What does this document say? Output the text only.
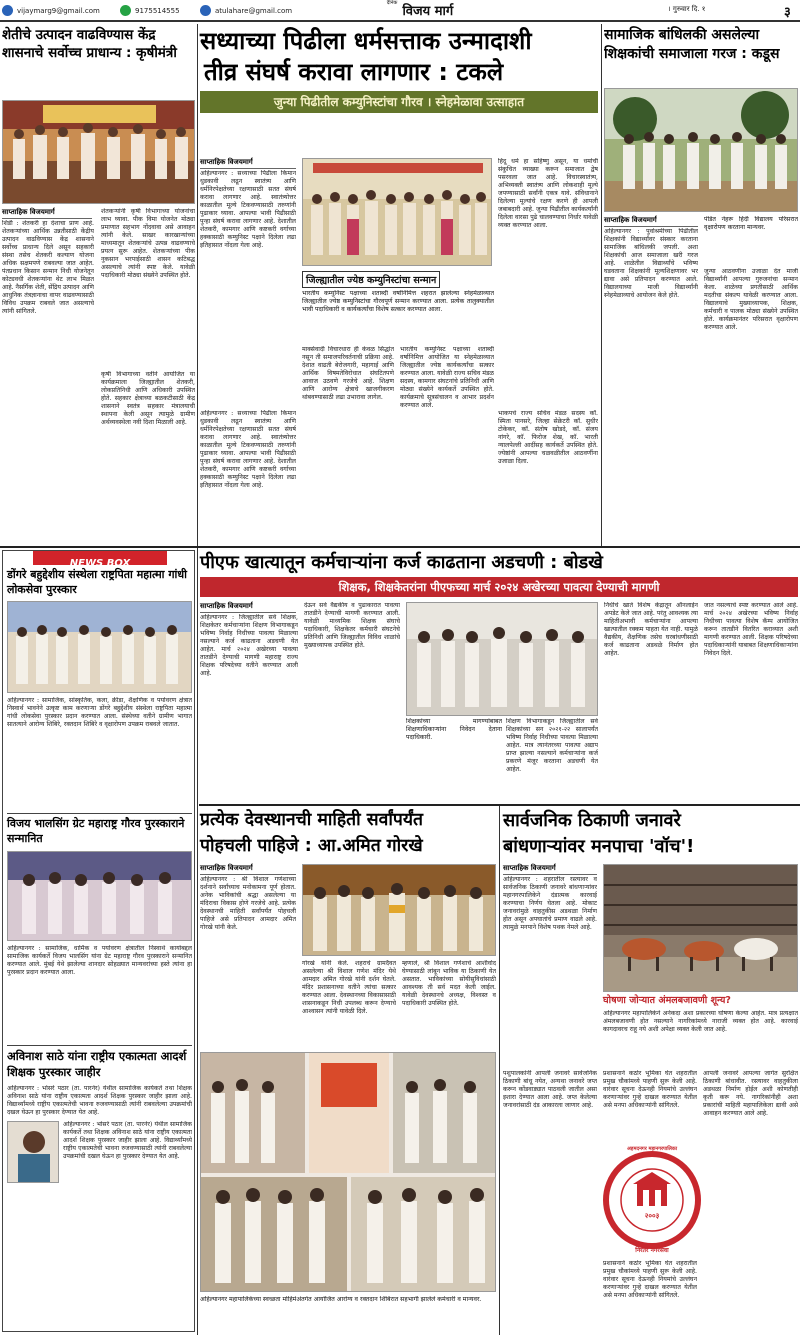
vijaymarg9@gmail.com	9175514555	atulahare@gmail.com
$^{दैनिक}$ विजय मार्ग	। गुरुवार दि. १	३
शेतीचे उत्पादन वाढविण्यास केंद्र शासनाचे सर्वोच्च प्राधान्य : कृषीमंत्री
साप्ताहिक विजयमार्ग
शिर्डी : शेतकरी हा देशाचा प्राण आहे. शेतकऱ्यांच्या आर्थिक उन्नतीसाठी केंद्रीय उत्पादन वाढविण्यास केंद्र शासनाने सर्वोच्च प्राधान्य दिले असून सहकारी संस्था तसेच शेतकरी कल्याण योजना अधिक सक्षमपणे राबवल्या जात आहेत. पंतप्रधान किसान सन्मान निधी योजनेतून कोट्यवधी शेतकऱ्यांना थेट लाभ मिळत आहे. नैसर्गिक शेती, सेंद्रिय उत्पादन आणि आधुनिक तंत्रज्ञानाचा वापर वाढवण्यासाठी विविध उपक्रम राबवले जात असल्याचे त्यांनी सांगितले.
शेतकऱ्यांनी कृषी विभागाच्या योजनांचा लाभ घ्यावा. पीक विमा योजनेत मोठ्या प्रमाणात सहभाग नोंदवावा असे आवाहन त्यांनी केले. साखर कारखान्यांच्या माध्यमातून शेतकऱ्यांचे उत्पन्न वाढवण्याचे प्रयत्न सुरू आहेत. शेतकऱ्यांच्या पीक नुकसान भरपाईसाठी शासन कटिबद्ध असल्याचे त्यांनी स्पष्ट केले. यावेळी पदाधिकारी मोठ्या संख्येने उपस्थित होते.
कृषी विभागाच्या वतीने आयोजित या कार्यक्रमाला जिल्ह्यातील शेतकरी, लोकप्रतिनिधी आणि अधिकारी उपस्थित होते. सहकार क्षेत्राच्या बळकटीसाठी केंद्र शासनाने स्वतंत्र सहकार मंत्रालयाची स्थापना केली असून त्यामुळे ग्रामीण अर्थव्यवस्थेला नवी दिशा मिळाली आहे.
सध्याच्या पिढीला धर्मसत्ताक उन्मादाशी
तीव्र संघर्ष करावा लागणार : टकले
जुन्या पिढीतील कम्युनिस्टांचा गौरव । स्नेहमेळावा उत्साहात
साप्ताहिक विजयमार्ग
अहिल्यानगर : सध्याच्या पिढीला किमान धुडकावी लढून स्वातंत्र्य आणि धर्मनिरपेक्षतेच्या रक्षणासाठी सतत संघर्ष करावा लागणार आहे. स्वातंत्र्योत्तर काळातील मूल्ये टिकवण्यासाठी तरुणांनी पुढाकार घ्यावा. आपल्या भावी पिढीसाठी पुन्हा संघर्ष करावा लागणार आहे. देशातील शेतकरी, कामगार आणि कष्टकरी वर्गाच्या हक्कासाठी कम्युनिस्ट पक्षाने दिलेला लढा इतिहासात नोंदला गेला आहे.
हिंदू धर्म हा सहिष्णु असून, या धर्माची संकुचित व्याख्या करून समाजात द्वेष पसरवला जात आहे. विचारस्वातंत्र्य, अभिव्यक्ती स्वातंत्र्य आणि लोकशाही मूल्ये जपण्यासाठी सर्वांनी एकत्र यावे. संविधानाने दिलेल्या मूल्यांचे रक्षण करणे ही आपली जबाबदारी आहे. जुन्या पिढीतील कार्यकर्त्यांनी दिलेला वारसा पुढे चालवण्याचा निर्धार यावेळी व्यक्त करण्यात आला.
जिल्ह्यातील ज्येष्ठ कम्युनिस्टांचा सन्मान
भारतीय कम्युनिस्ट पक्षाच्या शताब्दी वर्षानिमित्त शहरात झालेल्या स्नेहमेळाव्यात जिल्ह्यातील ज्येष्ठ कम्युनिस्टांचा गौरवपूर्ण सन्मान करण्यात आला. प्रत्येक तालुक्यातील भावी पदाधिकारी व कार्यकर्त्यांचा विशेष सत्कार करण्यात आला.
मार्क्सवादी विचारधारा ही केवळ सिद्धांत नसून ती समाजपरिवर्तनाची प्रक्रिया आहे. देशात वाढती बेरोजगारी, महागाई आणि आर्थिक विषमतेविरोधात संघटितपणे आवाज उठवणे गरजेचे आहे. शिक्षण आणि आरोग्य क्षेत्राचे खाजगीकरण थांबवण्यासाठी लढा उभारावा लागेल.
भारतीय कम्युनिस्ट पक्षाच्या शताब्दी वर्षानिमित्त आयोजित या स्नेहमेळाव्यात जिल्ह्यातील ज्येष्ठ कार्यकर्त्यांचा सत्कार करण्यात आला. यावेळी राज्य सचिव मंडळ सदस्य, कामगार संघटनांचे प्रतिनिधी आणि मोठ्या संख्येने कार्यकर्ते उपस्थित होते. कार्यक्रमाचे सूत्रसंचालन व आभार प्रदर्शन करण्यात आले.
भाकपचे राज्य सचिव मंडळ सदस्य कॉ. स्मिता पानसरे, जिल्हा सेक्रेटरी कॉ. सुधीर टोकेकर, कॉ. संतोष खोडदे, कॉ. संजय नांगरे, कॉ. फिरोज शेख, कॉ. भारती न्यालपेल्ली आदींसह कार्यकर्ते उपस्थित होते. ज्येष्ठांनी आपल्या चळवळीतील आठवणींना उजाळा दिला.
अहिल्यानगर : सध्याच्या पिढीला किमान धुडकावी लढून स्वातंत्र्य आणि धर्मनिरपेक्षतेच्या रक्षणासाठी सतत संघर्ष करावा लागणार आहे. स्वातंत्र्योत्तर काळातील मूल्ये टिकवण्यासाठी तरुणांनी पुढाकार घ्यावा. आपल्या भावी पिढीसाठी पुन्हा संघर्ष करावा लागणार आहे. देशातील शेतकरी, कामगार आणि कष्टकरी वर्गाच्या हक्कासाठी कम्युनिस्ट पक्षाने दिलेला लढा इतिहासात नोंदला गेला आहे.
सामाजिक बांधिलकी असलेल्या शिक्षकांची समाजाला गरज : कडूस
साप्ताहिक विजयमार्ग	पंडित नेहरू हिंदी विद्यालय परिसरात वृक्षारोपण करताना मान्यवर.
अहिल्यानगर : पुर्वाश्रमीच्या पिढीतील शिक्षकांनी विद्यार्थ्यांवर संस्कार करताना सामाजिक बांधिलकी जपली. अशा शिक्षकांची आज समाजाला खरी गरज आहे. शाळेतील विद्यार्थ्यांचे भविष्य घडवताना शिक्षकांनी मूल्यशिक्षणावर भर द्यावा असे प्रतिपादन करण्यात आले. विद्यालयाच्या माजी विद्यार्थ्यांनी स्नेहमेळाव्याचे आयोजन केले होते.
जुन्या आठवणींना उजाळा देत माजी विद्यार्थ्यांनी आपल्या गुरुजनांचा सन्मान केला. शाळेच्या प्रगतीसाठी आर्थिक मदतीचा संकल्प यावेळी करण्यात आला. विद्यालयाचे मुख्याध्यापक, शिक्षक, कर्मचारी व पालक मोठ्या संख्येने उपस्थित होते. कार्यक्रमानंतर परिसरात वृक्षारोपण करण्यात आले.
NEWS BOX
डोंगरे बहुद्देशीय संस्थेला राष्ट्रपिता महात्मा गांधी लोकसेवा पुरस्कार
अहिल्यानगर : सामाजिक, सांस्कृतिक, कला, क्रीडा, शैक्षणिक व पर्यावरण क्षेत्रात निस्वार्थ भावनेने उत्कृष्ट काम करणाऱ्या डोंगरे बहुद्देशीय संस्थेला राष्ट्रपिता महात्मा गांधी लोकसेवा पुरस्कार प्रदान करण्यात आला. संस्थेच्या वतीने ग्रामीण भागात सातत्याने आरोग्य शिबिरे, रक्तदान शिबिरे व वृक्षारोपण उपक्रम राबवले जातात.
विजय भालसिंग ग्रेट महाराष्ट्र गौरव पुरस्काराने सन्मानित
अहिल्यानगर : सामाजिक, धार्मिक व पर्यावरण क्षेत्रातील निस्वार्थ कार्याबद्दल सामाजिक कार्यकर्ते विजय भालसिंग यांना ग्रेट महाराष्ट्र गौरव पुरस्काराने सन्मानित करण्यात आले. मुंबई येथे झालेल्या शानदार सोहळ्यात मान्यवरांच्या हस्ते त्यांना हा पुरस्कार प्रदान करण्यात आला.
अविनाश साठे यांना राष्ट्रीय एकात्मता आदर्श शिक्षक पुरस्कार जाहीर
अहिल्यानगर : भोसरे पठार (ता. पारनेर) येथील सामाजिक कार्यकर्ते तथा शिक्षक अविनाश साठे यांना राष्ट्रीय एकात्मता आदर्श शिक्षक पुरस्कार जाहीर झाला आहे. विद्यार्थ्यांमध्ये राष्ट्रीय एकात्मतेची भावना रुजवण्यासाठी त्यांनी राबवलेल्या उपक्रमांची दखल घेऊन हा पुरस्कार देण्यात येत आहे.
अहिल्यानगर : भोसरे पठार (ता. पारनेर) येथील सामाजिक कार्यकर्ते तथा शिक्षक अविनाश साठे यांना राष्ट्रीय एकात्मता आदर्श शिक्षक पुरस्कार जाहीर झाला आहे. विद्यार्थ्यांमध्ये राष्ट्रीय एकात्मतेची भावना रुजवण्यासाठी त्यांनी राबवलेल्या उपक्रमांची दखल घेऊन हा पुरस्कार देण्यात येत आहे.
पीएफ खात्यातून कर्मचाऱ्यांना कर्ज काढताना अडचणी : बोडखे
शिक्षक, शिक्षकेतरांना पीएफच्या मार्च २०२४ अखेरच्या पावत्या देण्याची मागणी
साप्ताहिक विजयमार्ग
अहिल्यानगर : जिल्ह्यातील सर्व शिक्षक, शिक्षकेतर कर्मचाऱ्यांना शिक्षण विभागाकडून भविष्य निर्वाह निधीच्या पावत्या मिळाल्या नसल्याने कर्ज काढताना अडचणी येत आहेत. मार्च २०२४ अखेरच्या पावत्या तातडीने देण्याची मागणी महाराष्ट्र राज्य शिक्षक परिषदेच्या वतीने करण्यात आली आहे.
देऊन सर्व वैद्यकीय व पुढाकारात पावत्या तातडीने देण्याची मागणी करण्यात आली. यावेळी माध्यमिक शिक्षक संघाचे पदाधिकारी, शिक्षकेतर कर्मचारी संघटनेचे प्रतिनिधी आणि जिल्ह्यातील विविध शाळांचे मुख्याध्यापक उपस्थित होते.
शिक्षकांच्या मागण्यांबाबत शिक्षणाधिकाऱ्यांना निवेदन देताना पदाधिकारी.
शिक्षण विभागाकडून जिल्ह्यातील सर्व शिक्षकांच्या सन २०२१-२२ सालापर्यंत भविष्य निर्वाह निधीच्या पावत्या मिळाल्या आहेत. मात्र त्यानंतरच्या पावत्या अद्याप प्राप्त झाल्या नसल्याने कर्मचाऱ्यांना कर्ज प्रकरणे मंजूर करताना अडचणी येत आहेत.
निधीचे खाते विशेष केंद्रातून ऑनलाईन अपडेट केले जात आहे. परंतु आवश्यक त्या माहितीअभावी कर्मचाऱ्यांना आपल्या खात्यातील रक्कम पाहता येत नाही. यामुळे वैद्यकीय, शैक्षणिक तसेच घरबांधणीसाठी कर्ज काढताना अडथळे निर्माण होत आहेत.
जात नसल्याचे स्पष्ट करण्यात आले आहे. मार्च २०२४ अखेरच्या भविष्य निर्वाह निधीच्या पावत्या विशेष कॅम्प आयोजित करून तातडीने वितरित कराव्यात अशी मागणी करण्यात आली. शिक्षक परिषदेच्या पदाधिकाऱ्यांनी याबाबत शिक्षणाधिकाऱ्यांना निवेदन दिले.
प्रत्येक देवस्थानची माहिती सर्वांपर्यंत
पोहचली पाहिजे : आ.अमित गोरखे
साप्ताहिक विजयमार्ग
अहिल्यानगर : श्री विशाल गणेशाच्या दर्शनाने सर्वांच्याच मनोकामना पूर्ण होतात. अनेक भाविकांची श्रद्धा असलेल्या या मंदिराचा विकास होणे गरजेचे आहे. प्रत्येक देवस्थानची माहिती सर्वांपर्यंत पोहचली पाहिजे असे प्रतिपादन आमदार अमित गोरखे यांनी केले.
गोरखे यांनी केले. शहराचे ग्रामदैवत असलेल्या श्री विशाल गणेश मंदिर येथे आमदार अमित गोरखे यांनी दर्शन घेतले. मंदिर प्रशासनाच्या वतीने त्यांचा सत्कार करण्यात आला. देवस्थानच्या विकासासाठी शासनाकडून निधी उपलब्ध करून देण्याचे आश्वासन त्यांनी यावेळी दिले.
म्हणाले, श्री विशाल गणेशाचे आशीर्वाद घेण्यासाठी लांबून भाविक या ठिकाणी येत असतात. भाविकांच्या सोयीसुविधांसाठी आवश्यक ती सर्व मदत केली जाईल. यावेळी देवस्थानचे अध्यक्ष, विश्वस्त व पदाधिकारी उपस्थित होते.
अहिल्यानगर महापालिकेच्या स्वच्छता मोहिमेअंतर्गत आयोजित आरोग्य व रक्तदान शिबिरात सहभागी झालेले कर्मचारी व मान्यवर.
सार्वजनिक ठिकाणी जनावरे
बांधणाऱ्यांवर मनपाचा 'वॉच'!
साप्ताहिक विजयमार्ग
अहिल्यानगर : शहरातील रस्त्यावर व सार्वजनिक ठिकाणी जनावरे बांधणाऱ्यांवर महानगरपालिकेने दंडात्मक कारवाई करण्याचा निर्णय घेतला आहे. मोकाट जनावरांमुळे वाहतुकीस अडथळा निर्माण होत असून अपघातांचे प्रमाण वाढले आहे. त्यामुळे मनपाने विशेष पथक नेमले आहे.
घोषणा जोऱ्यात अंमलबजावणी शून्य?
अहिल्यानगर महापालिकेने अनेकदा अशा प्रकारच्या घोषणा केल्या आहेत. मात्र प्रत्यक्षात अंमलबजावणी होत नसल्याने नागरिकांमध्ये नाराजी व्यक्त होत आहे. कारवाई कागदावरच राहू नये अशी अपेक्षा व्यक्त केली जात आहे.
पशुपालकांनी आपली जनावरे सार्वजनिक ठिकाणी बांधू नयेत, अन्यथा जनावरे जप्त करून कोंडवाड्यात पाठवली जातील असा इशारा देण्यात आला आहे. जप्त केलेल्या जनावरांसाठी दंड आकारला जाणार आहे.
प्रशासनाने कठोर भूमिका घेत शहरातील प्रमुख चौकांमध्ये पाहणी सुरू केली आहे. वारंवार सूचना देऊनही नियमांचे उल्लंघन करणाऱ्यांवर गुन्हे दाखल करण्यात येतील असे मनपा अधिकाऱ्यांनी सांगितले.
आपली जनावरे आपल्या जागेत सुरक्षित ठिकाणी बांधावीत. रस्त्यावर वाहतुकीला अडथळा निर्माण होईल अशी कोणतीही कृती करू नये. नागरिकांनीही अशा प्रकारांची माहिती महापालिकेला द्यावी असे आवाहन करण्यात आले आहे.
२००३
अहमदनगर महानगरपालिका
निरंतर नगरसेवा
प्रशासनाने कठोर भूमिका घेत शहरातील प्रमुख चौकांमध्ये पाहणी सुरू केली आहे. वारंवार सूचना देऊनही नियमांचे उल्लंघन करणाऱ्यांवर गुन्हे दाखल करण्यात येतील असे मनपा अधिकाऱ्यांनी सांगितले.
